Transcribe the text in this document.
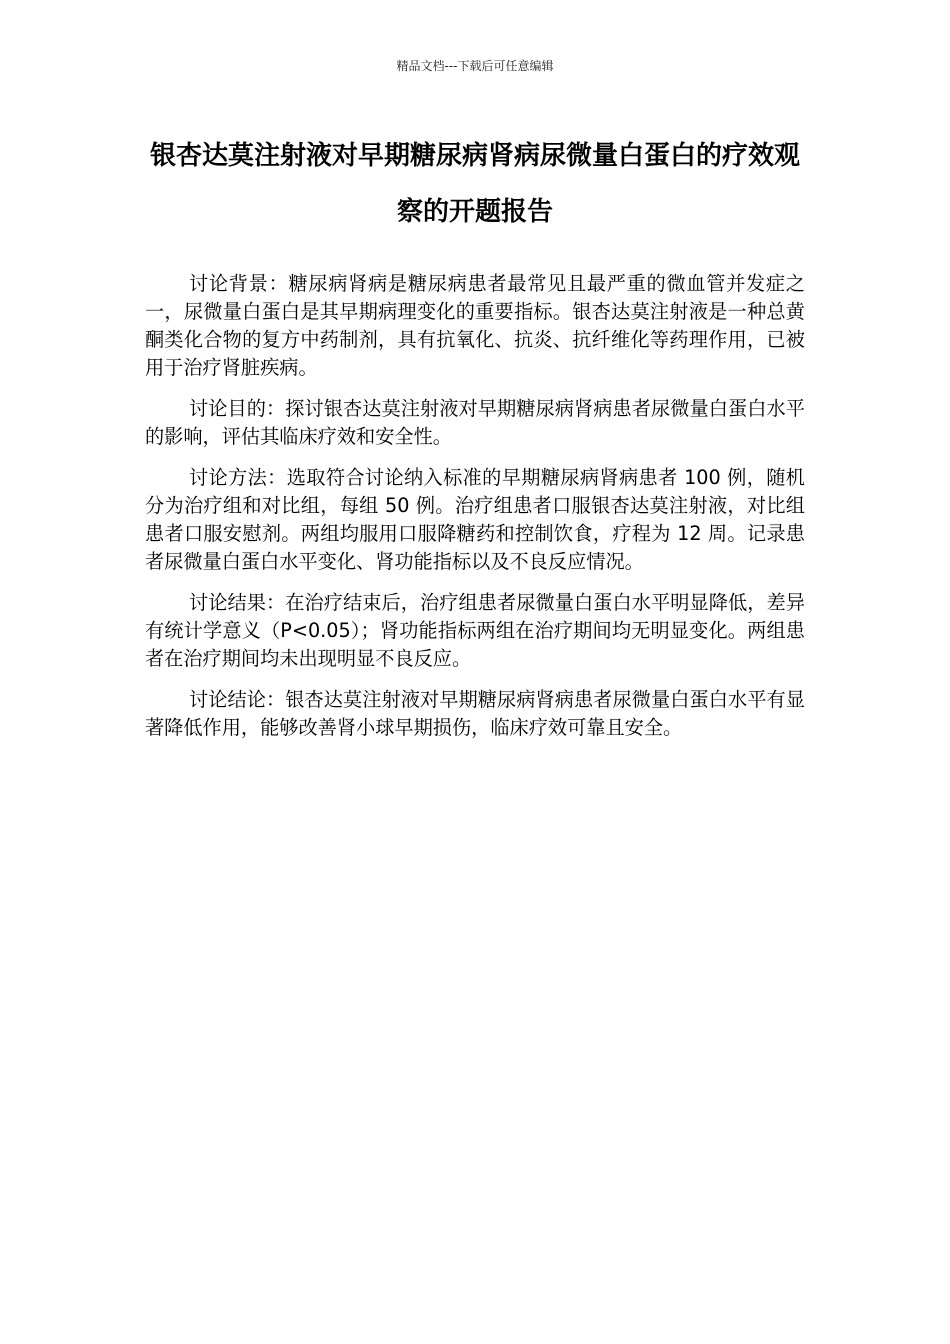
精品文档---下载后可任意编辑
银杏达莫注射液对早期糖尿病肾病尿微量白蛋白的疗效观察的开题报告

讨论背景：糖尿病肾病是糖尿病患者最常见且最严重的微血管并发症之一，尿微量白蛋白是其早期病理变化的重要指标。银杏达莫注射液是一种总黄酮类化合物的复方中药制剂，具有抗氧化、抗炎、抗纤维化等药理作用，已被用于治疗肾脏疾病。

讨论目的：探讨银杏达莫注射液对早期糖尿病肾病患者尿微量白蛋白水平的影响，评估其临床疗效和安全性。

讨论方法：选取符合讨论纳入标准的早期糖尿病肾病患者 100 例，随机分为治疗组和对比组，每组 50 例。治疗组患者口服银杏达莫注射液，对比组患者口服安慰剂。两组均服用口服降糖药和控制饮食，疗程为 12 周。记录患者尿微量白蛋白水平变化、肾功能指标以及不良反应情况。

讨论结果：在治疗结束后，治疗组患者尿微量白蛋白水平明显降低，差异有统计学意义（P<0.05）；肾功能指标两组在治疗期间均无明显变化。两组患者在治疗期间均未出现明显不良反应。

讨论结论：银杏达莫注射液对早期糖尿病肾病患者尿微量白蛋白水平有显著降低作用，能够改善肾小球早期损伤，临床疗效可靠且安全。
